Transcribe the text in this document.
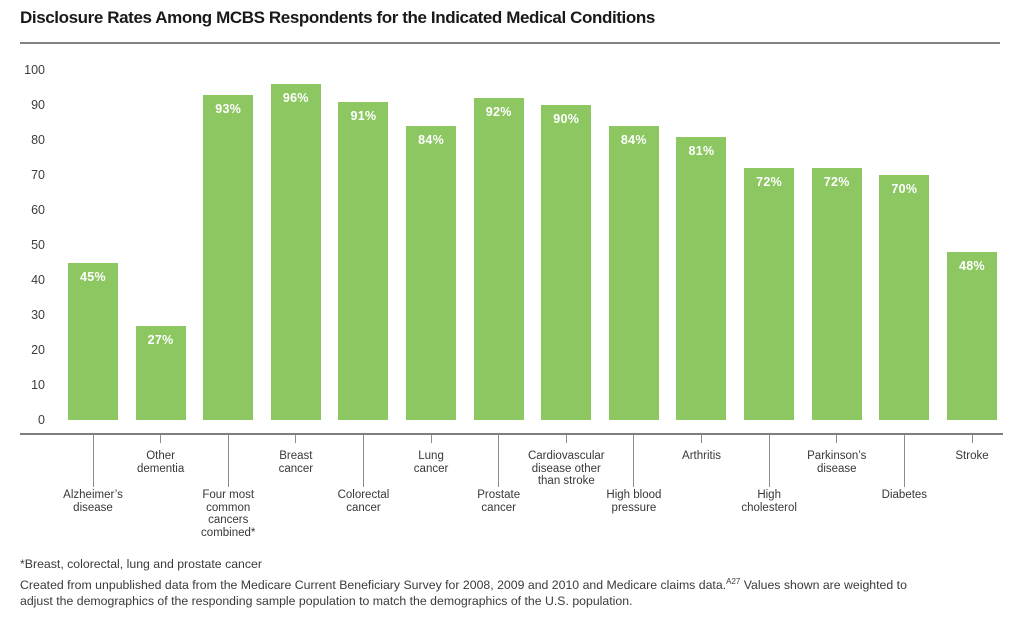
Disclosure Rates Among MCBS Respondents for the Indicated Medical Conditions
0
10
20
30
40
50
60
70
80
90
100
45%
27%
93%
96%
91%
84%
92%	90%
84%
81%
72%	72%	70%
48%
Alzheimer’s
disease
Other
dementia
Four most
common
cancers
combined*
Breast
cancer
Colorectal
cancer
Lung
cancer
Prostate
cancer
Cardiovascular
disease other
than stroke
High blood
pressure
Arthritis
High
cholesterol
Parkinson’s
disease
Diabetes
Stroke
*Breast, colorectal, lung and prostate cancer
Created from unpublished data from the Medicare Current Beneficiary Survey for 2008, 2009 and 2010 and Medicare claims data.$^{A27}$ Values shown are weighted to adjust the demographics of the responding sample population to match the demographics of the U.S. population.
